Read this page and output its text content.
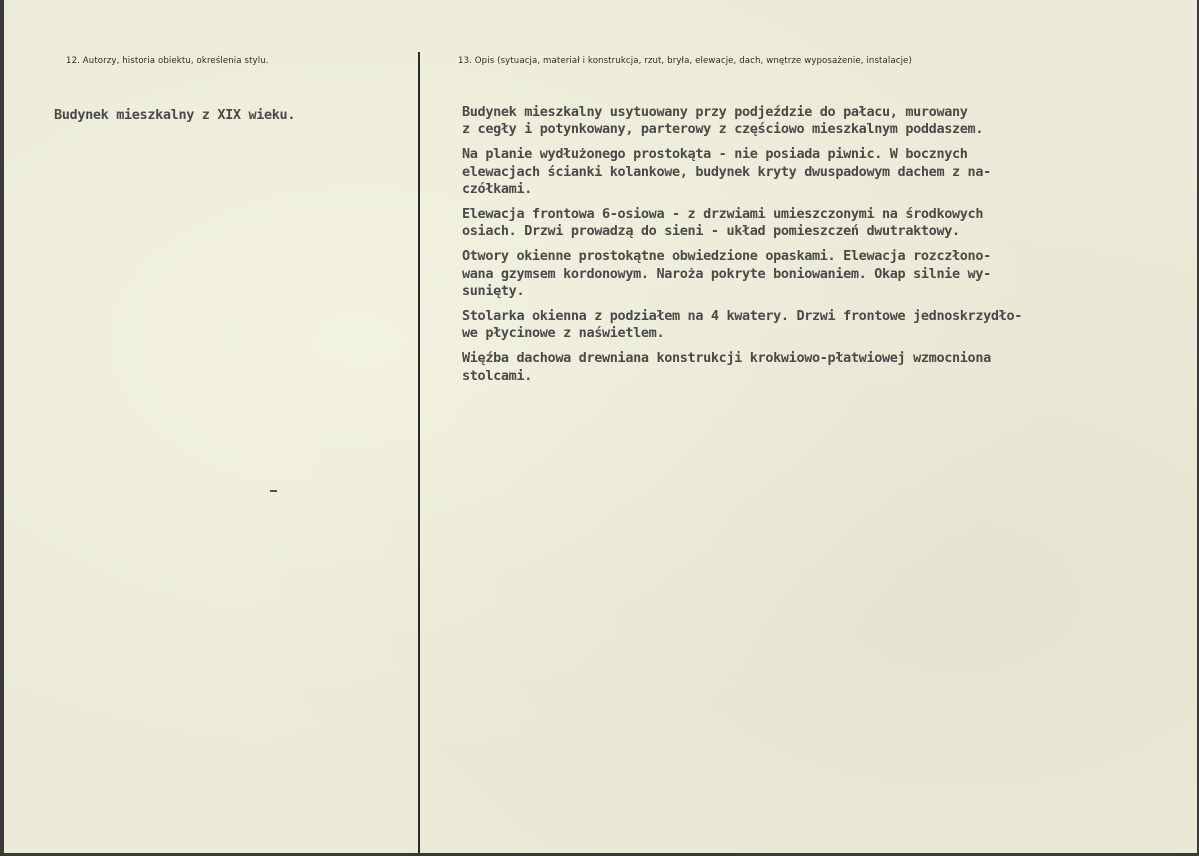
12. Autorzy, historia obiektu, określenia stylu.	13. Opis (sytuacja, materiał i konstrukcja, rzut, bryła, elewacje, dach, wnętrze wyposażenie, instalacje)
Budynek mieszkalny z XIX wieku.	Budynek mieszkalny usytuowany przy podjeździe do pałacu, murowany
z cegły i potynkowany, parterowy z częściowo mieszkalnym poddaszem.
Na planie wydłużonego prostokąta - nie posiada piwnic. W bocznych
elewacjach ścianki kolankowe, budynek kryty dwuspadowym dachem z na-
czółkami.
Elewacja frontowa 6-osiowa - z drzwiami umieszczonymi na środkowych
osiach. Drzwi prowadzą do sieni - układ pomieszczeń dwutraktowy.
Otwory okienne prostokątne obwiedzione opaskami. Elewacja rozczłono-
wana gzymsem kordonowym. Narożа pokryte boniowaniem. Okap silnie wy-
sunięty.
Stolarka okienna z podziałem na 4 kwatery. Drzwi frontowe jednoskrzydło-
we płycinowe z naświetlem.
Więźba dachowa drewniana konstrukcji krokwiowo-płatwiowej wzmocniona
stolcami.
